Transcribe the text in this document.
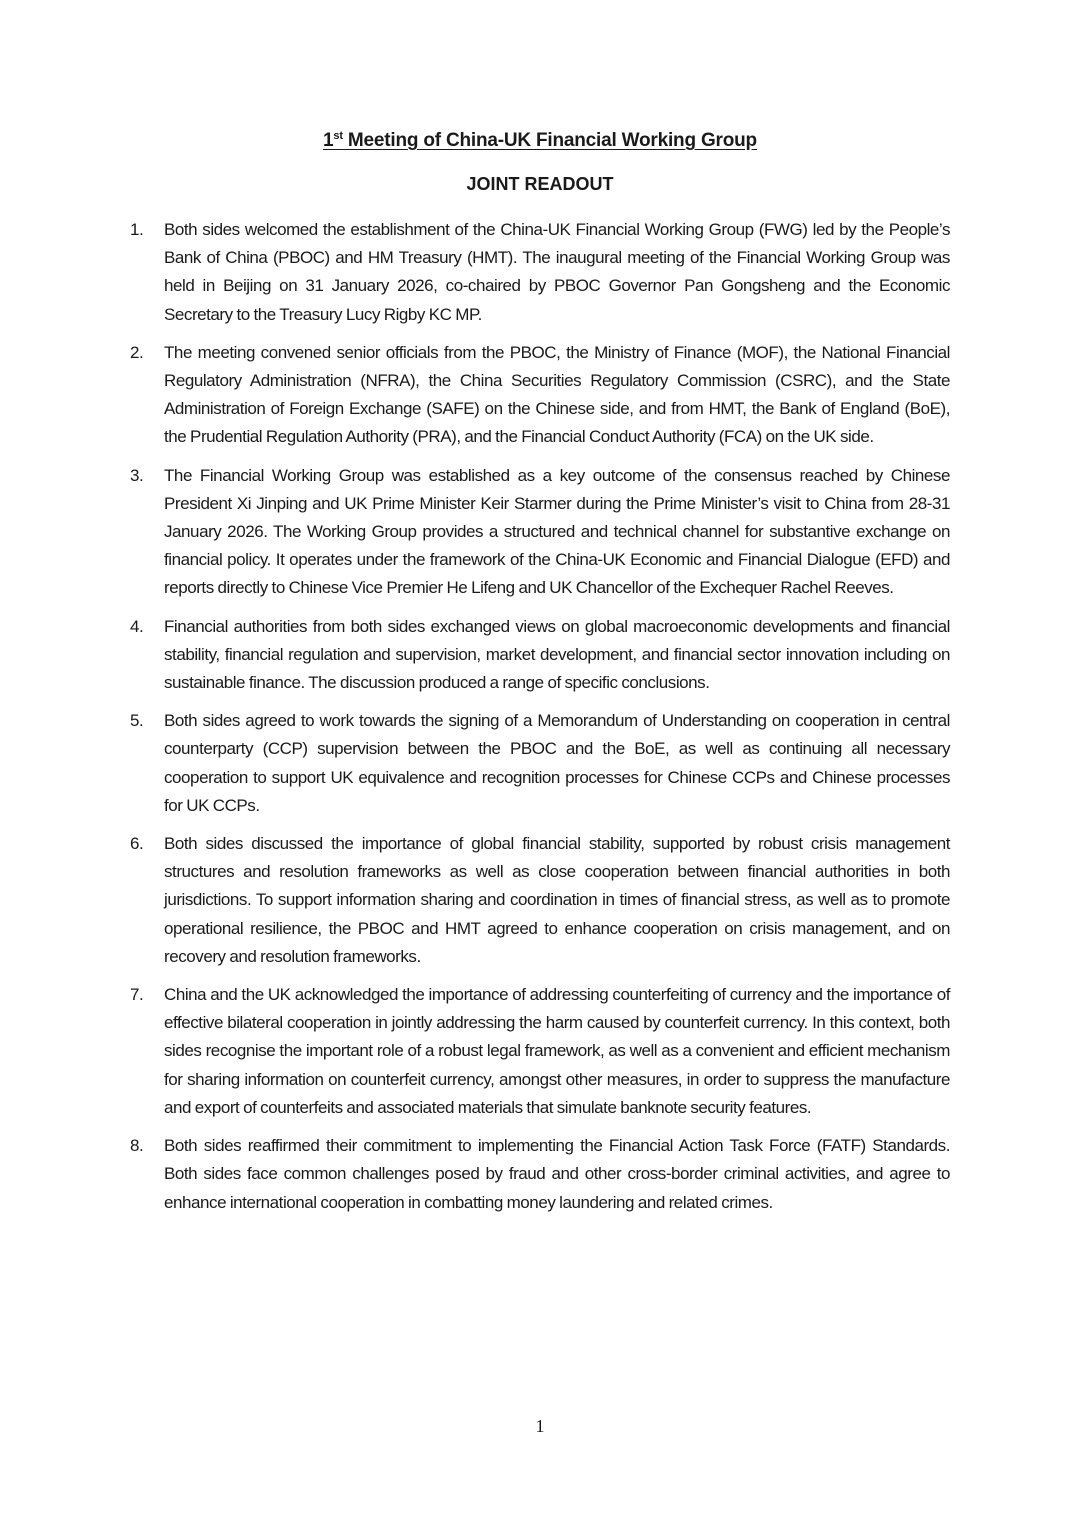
1st Meeting of China-UK Financial Working Group
JOINT READOUT
1.	Both sides welcomed the establishment of the China-UK Financial Working Group (FWG) led by the People’s Bank of China (PBOC) and HM Treasury (HMT). The inaugural meeting of the Financial Working Group was held in Beijing on 31 January 2026, co-chaired by PBOC Governor Pan Gongsheng and the Economic Secretary to the Treasury Lucy Rigby KC MP.
2.	The meeting convened senior officials from the PBOC, the Ministry of Finance (MOF), the National Financial Regulatory Administration (NFRA), the China Securities Regulatory Commission (CSRC), and the State Administration of Foreign Exchange (SAFE) on the Chinese side, and from HMT, the Bank of England (BoE), the Prudential Regulation Authority (PRA), and the Financial Conduct Authority (FCA) on the UK side.
3.	The Financial Working Group was established as a key outcome of the consensus reached by Chinese President Xi Jinping and UK Prime Minister Keir Starmer during the Prime Minister’s visit to China from 28-31 January 2026. The Working Group provides a structured and technical channel for substantive exchange on financial policy. It operates under the framework of the China-UK Economic and Financial Dialogue (EFD) and reports directly to Chinese Vice Premier He Lifeng and UK Chancellor of the Exchequer Rachel Reeves.
4.	Financial authorities from both sides exchanged views on global macroeconomic developments and financial stability, financial regulation and supervision, market development, and financial sector innovation including on sustainable finance. The discussion produced a range of specific conclusions.
5.	Both sides agreed to work towards the signing of a Memorandum of Understanding on cooperation in central counterparty (CCP) supervision between the PBOC and the BoE, as well as continuing all necessary cooperation to support UK equivalence and recognition processes for Chinese CCPs and Chinese processes for UK CCPs.
6.	Both sides discussed the importance of global financial stability, supported by robust crisis management structures and resolution frameworks as well as close cooperation between financial authorities in both jurisdictions. To support information sharing and coordination in times of financial stress, as well as to promote operational resilience, the PBOC and HMT agreed to enhance cooperation on crisis management, and on recovery and resolution frameworks.
7.	China and the UK acknowledged the importance of addressing counterfeiting of currency and the importance of effective bilateral cooperation in jointly addressing the harm caused by counterfeit currency. In this context, both sides recognise the important role of a robust legal framework, as well as a convenient and efficient mechanism for sharing information on counterfeit currency, amongst other measures, in order to suppress the manufacture and export of counterfeits and associated materials that simulate banknote security features.
8.	Both sides reaffirmed their commitment to implementing the Financial Action Task Force (FATF) Standards. Both sides face common challenges posed by fraud and other cross-border criminal activities, and agree to enhance international cooperation in combatting money laundering and related crimes.
1
